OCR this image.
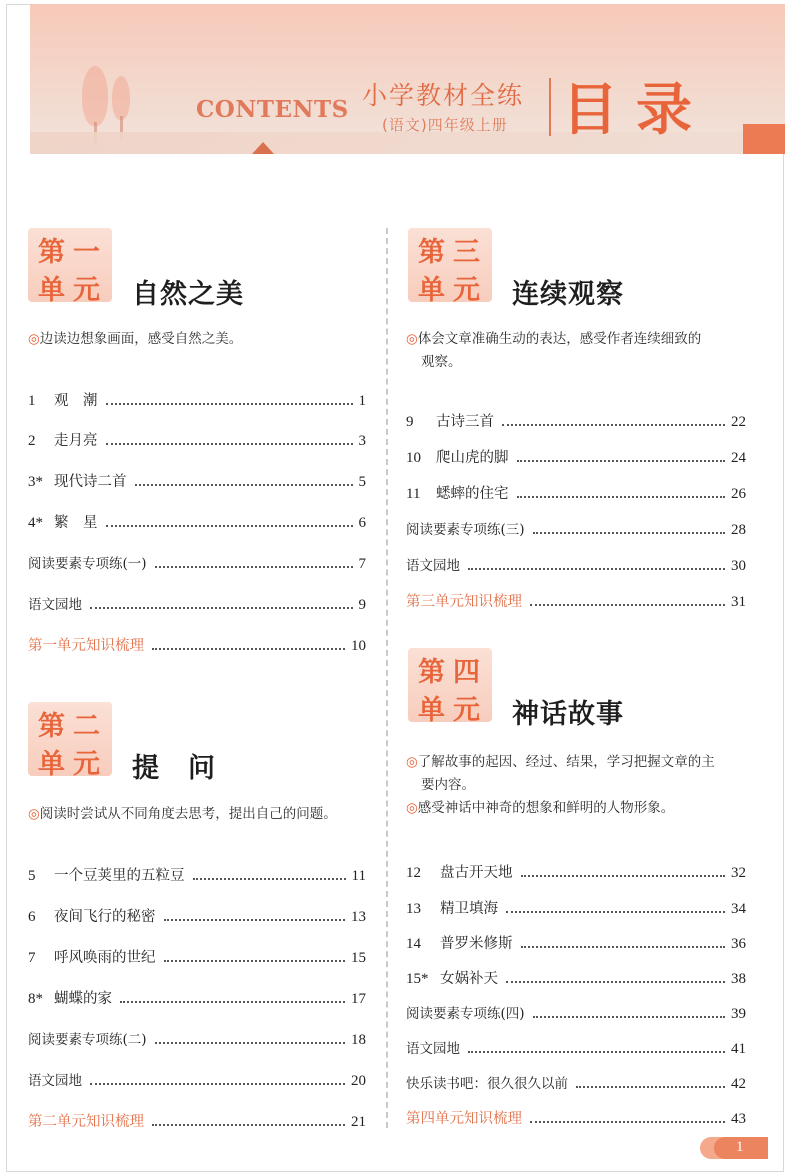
CONTENTS 小学教材全练
(语文)四年级上册 目录
第一
单元 自然之美
◎边读边想象画面，感受自然之美。
1	观　潮	1
2	走月亮	3
3* 现代诗二首	5
4* 繁　星	6
阅读要素专项练(一)	7
语文园地	9
第一单元知识梳理	10
第二
单元 提　问
◎阅读时尝试从不同角度去思考，提出自己的问题。
5	一个豆荚里的五粒豆	11
6	夜间飞行的秘密	13
7	呼风唤雨的世纪	15
8* 蝴蝶的家	17
阅读要素专项练(二)	18
语文园地	20
第二单元知识梳理	21
第三
单元 连续观察
◎体会文章准确生动的表达，感受作者连续细致的
观察。
9	古诗三首	22
10	爬山虎的脚	24
11	蟋蟀的住宅	26
阅读要素专项练(三)	28
语文园地	30
第三单元知识梳理	31
第四
单元 神话故事
◎了解故事的起因、经过、结果，学习把握文章的主
要内容。
◎感受神话中神奇的想象和鲜明的人物形象。
12	盘古开天地	32
13	精卫填海	34
14	普罗米修斯	36
15* 女娲补天	38
阅读要素专项练(四)	39
语文园地	41
快乐读书吧：很久很久以前	42
第四单元知识梳理	43
1
